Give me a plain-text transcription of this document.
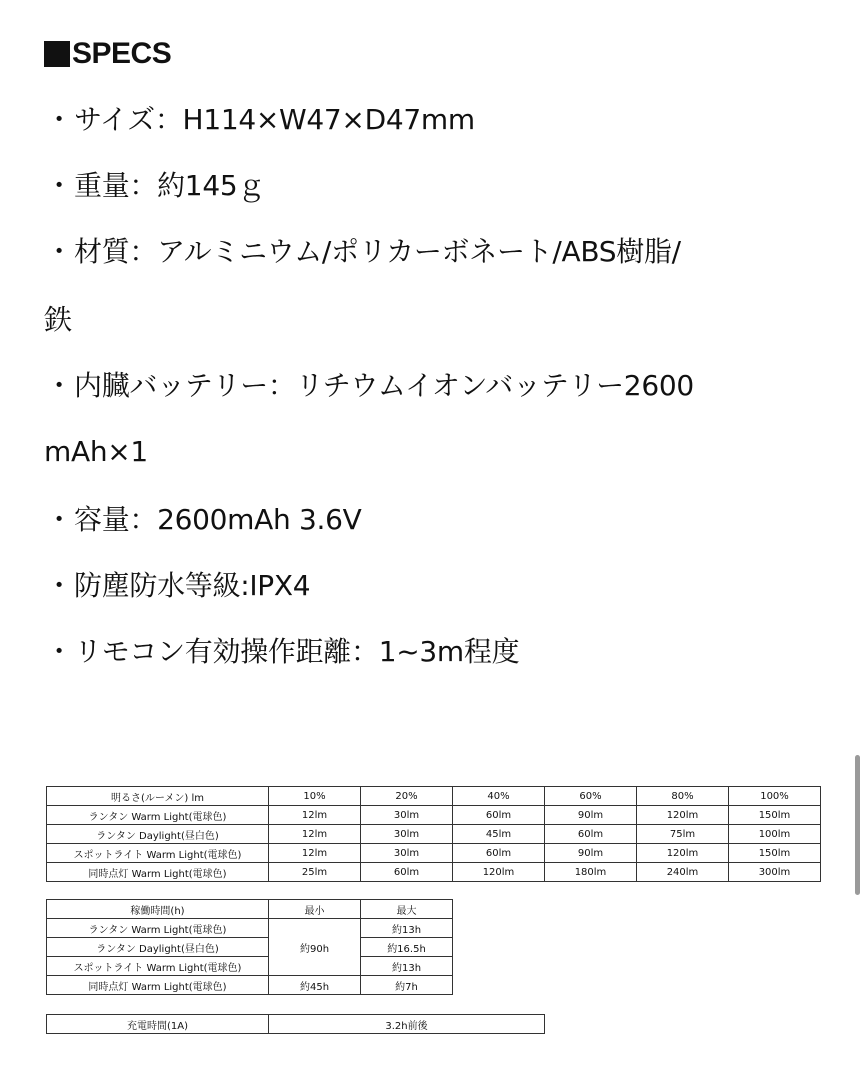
SPECS
・サイズ：H114×W47×D47mm
・重量：約145ｇ
・材質：アルミニウム/ポリカーボネート/ABS樹脂/
鉄
・内臓バッテリー：リチウムイオンバッテリー2600
mAh×1
・容量：2600mAh 3.6V
・防塵防水等級:IPX4
・リモコン有効操作距離：1~3m程度
明るさ(ルーメン) lm	10%	20%	40%	60%	80%	100%
ランタン Warm Light(電球色)	12lm	30lm	60lm	90lm	120lm	150lm
ランタン Daylight(昼白色)	12lm	30lm	45lm	60lm	75lm	100lm
スポットライト Warm Light(電球色)	12lm	30lm	60lm	90lm	120lm	150lm
同時点灯 Warm Light(電球色)	25lm	60lm	120lm	180lm	240lm	300lm
稼働時間(h)	最小	最大
ランタン Warm Light(電球色)	約90h	約13h
ランタン Daylight(昼白色)		約16.5h
スポットライト Warm Light(電球色)		約13h
同時点灯 Warm Light(電球色)	約45h	約7h
充電時間(1A)	3.2h前後
